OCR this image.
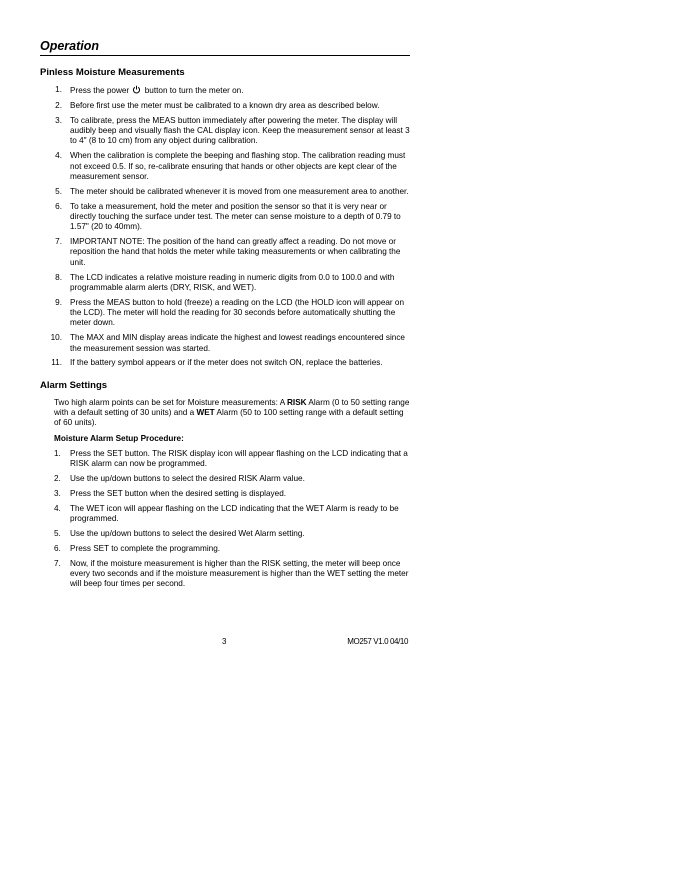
Operation
Pinless Moisture Measurements
1. Press the power button to turn the meter on.
2. Before first use the meter must be calibrated to a known dry area as described below.
3. To calibrate, press the MEAS button immediately after powering the meter. The display will audibly beep and visually flash the CAL display icon. Keep the measurement sensor at least 3 to 4" (8 to 10 cm) from any object during calibration.
4. When the calibration is complete the beeping and flashing stop. The calibration reading must not exceed 0.5. If so, re-calibrate ensuring that hands or other objects are kept clear of the measurement sensor.
5. The meter should be calibrated whenever it is moved from one measurement area to another.
6. To take a measurement, hold the meter and position the sensor so that it is very near or directly touching the surface under test. The meter can sense moisture to a depth of 0.79 to 1.57" (20 to 40mm).
7. IMPORTANT NOTE: The position of the hand can greatly affect a reading. Do not move or reposition the hand that holds the meter while taking measurements or when calibrating the unit.
8. The LCD indicates a relative moisture reading in numeric digits from 0.0 to 100.0 and with programmable alarm alerts (DRY, RISK, and WET).
9. Press the MEAS button to hold (freeze) a reading on the LCD (the HOLD icon will appear on the LCD). The meter will hold the reading for 30 seconds before automatically shutting the meter down.
10. The MAX and MIN display areas indicate the highest and lowest readings encountered since the measurement session was started.
11. If the battery symbol appears or if the meter does not switch ON, replace the batteries.
Alarm Settings

Two high alarm points can be set for Moisture measurements: A RISK Alarm (0 to 50 setting range with a default setting of 30 units) and a WET Alarm (50 to 100 setting range with a default setting of 60 units).

Moisture Alarm Setup Procedure:
1. Press the SET button. The RISK display icon will appear flashing on the LCD indicating that a RISK alarm can now be programmed.
2. Use the up/down buttons to select the desired RISK Alarm value.
3. Press the SET button when the desired setting is displayed.
4. The WET icon will appear flashing on the LCD indicating that the WET Alarm is ready to be programmed.
5. Use the up/down buttons to select the desired Wet Alarm setting.
6. Press SET to complete the programming.
7. Now, if the moisture measurement is higher than the RISK setting, the meter will beep once every two seconds and if the moisture measurement is higher than the WET setting the meter will beep four times per second.
3	MO257 V1.0 04/10
